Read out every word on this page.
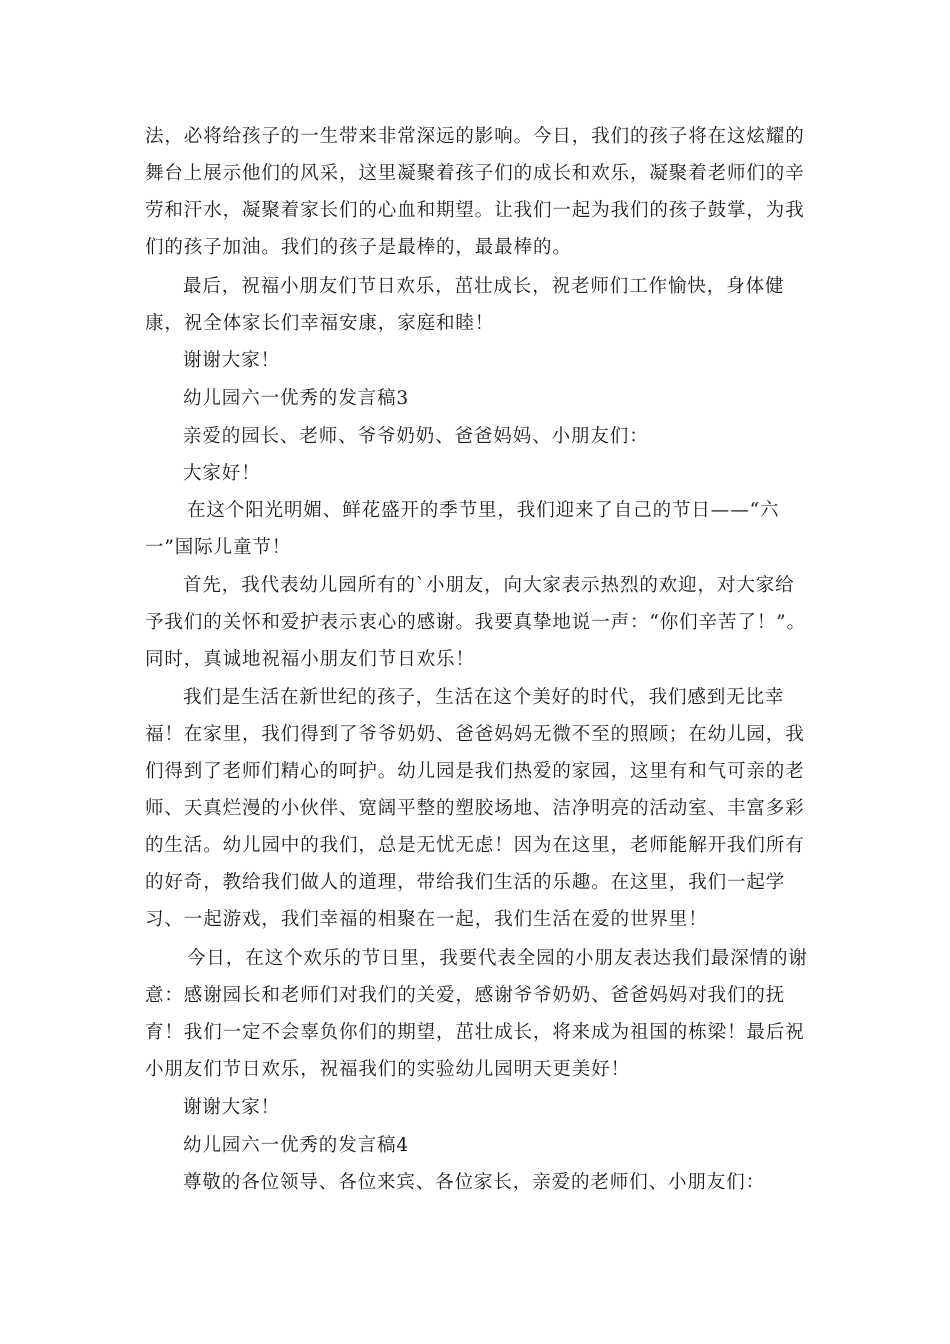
法，必将给孩子的一生带来非常深远的影响。今日，我们的孩子将在这炫耀的舞台上展示他们的风采，这里凝聚着孩子们的成长和欢乐，凝聚着老师们的辛劳和汗水，凝聚着家长们的心血和期望。让我们一起为我们的孩子鼓掌，为我们的孩子加油。我们的孩子是最棒的，最最棒的。

最后，祝福小朋友们节日欢乐，茁壮成长，祝老师们工作愉快，身体健康，祝全体家长们幸福安康，家庭和睦！

谢谢大家！

幼儿园六一优秀的发言稿3

亲爱的园长、老师、爷爷奶奶、爸爸妈妈、小朋友们：

大家好！

在这个阳光明媚、鲜花盛开的季节里，我们迎来了自己的节日——“六一”国际儿童节！

首先，我代表幼儿园所有的`小朋友，向大家表示热烈的欢迎，对大家给予我们的关怀和爱护表示衷心的感谢。我要真挚地说一声：“你们辛苦了！”。同时，真诚地祝福小朋友们节日欢乐！

我们是生活在新世纪的孩子，生活在这个美好的时代，我们感到无比幸福！在家里，我们得到了爷爷奶奶、爸爸妈妈无微不至的照顾；在幼儿园，我们得到了老师们精心的呵护。幼儿园是我们热爱的家园，这里有和气可亲的老师、天真烂漫的小伙伴、宽阔平整的塑胶场地、洁净明亮的活动室、丰富多彩的生活。幼儿园中的我们，总是无忧无虑！因为在这里，老师能解开我们所有的好奇，教给我们做人的道理，带给我们生活的乐趣。在这里，我们一起学习、一起游戏，我们幸福的相聚在一起，我们生活在爱的世界里！

今日，在这个欢乐的节日里，我要代表全园的小朋友表达我们最深情的谢意：感谢园长和老师们对我们的关爱，感谢爷爷奶奶、爸爸妈妈对我们的抚育！我们一定不会辜负你们的期望，茁壮成长，将来成为祖国的栋梁！最后祝小朋友们节日欢乐，祝福我们的实验幼儿园明天更美好！

谢谢大家！

幼儿园六一优秀的发言稿4

尊敬的各位领导、各位来宾、各位家长，亲爱的老师们、小朋友们：
